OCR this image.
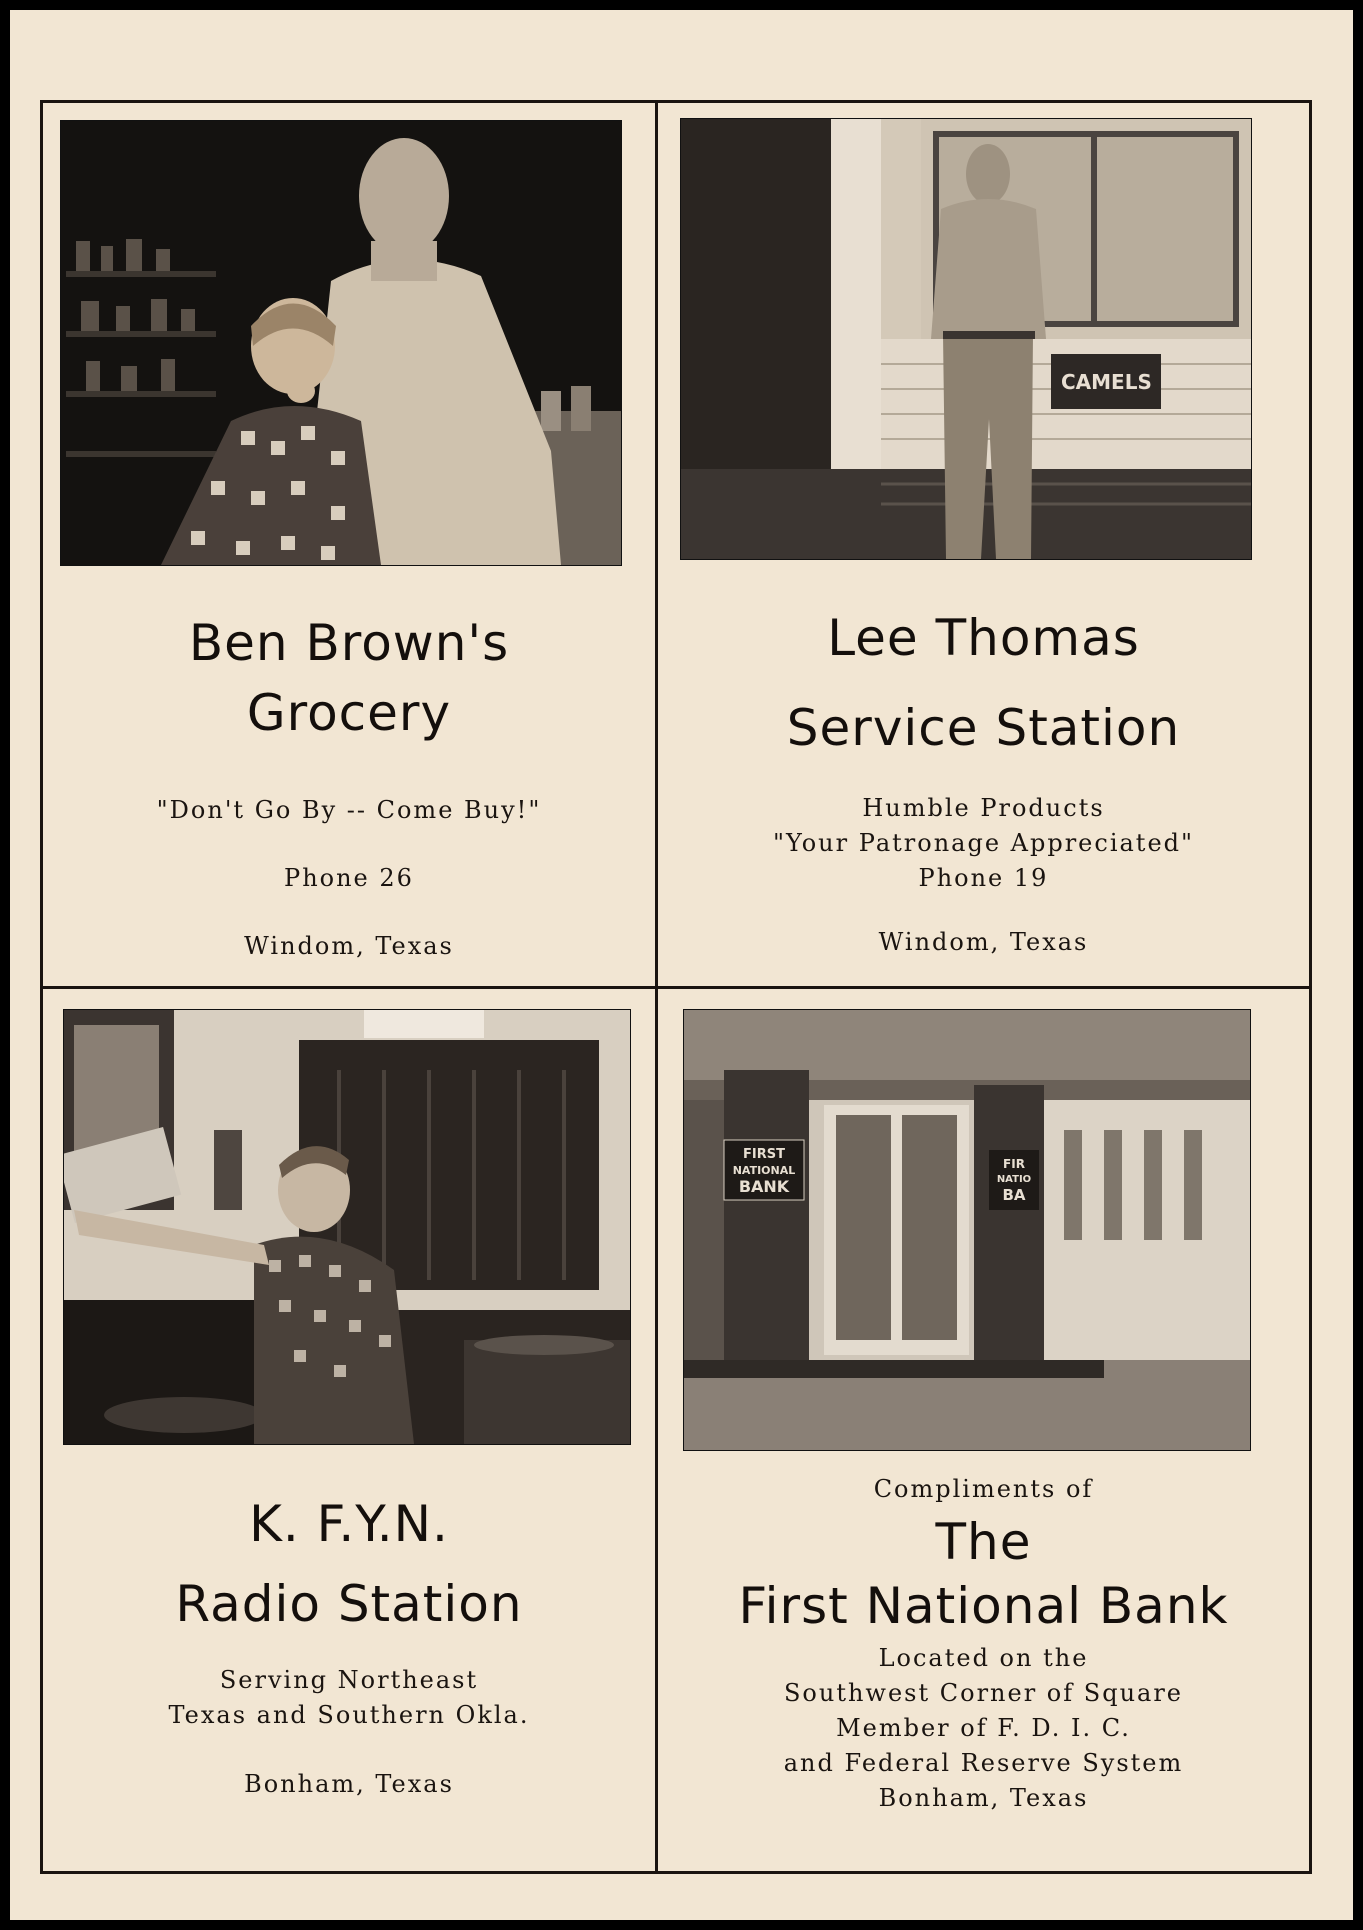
Ben Brown's
Grocery
"Don't Go By -- Come Buy!"
Phone 26
Windom, Texas
CAMELS
Lee Thomas
Service Station
Humble Products
"Your Patronage Appreciated"
Phone 19
Windom, Texas
K. F.Y.N.
Radio Station
Serving Northeast
Texas and Southern Okla.
Bonham, Texas
FIRST
NATIONAL
BANK
FIR
NATIO
BA
Compliments of
The
First National Bank
Located on the
Southwest Corner of Square
Member of F. D. I. C.
and Federal Reserve System
Bonham, Texas
